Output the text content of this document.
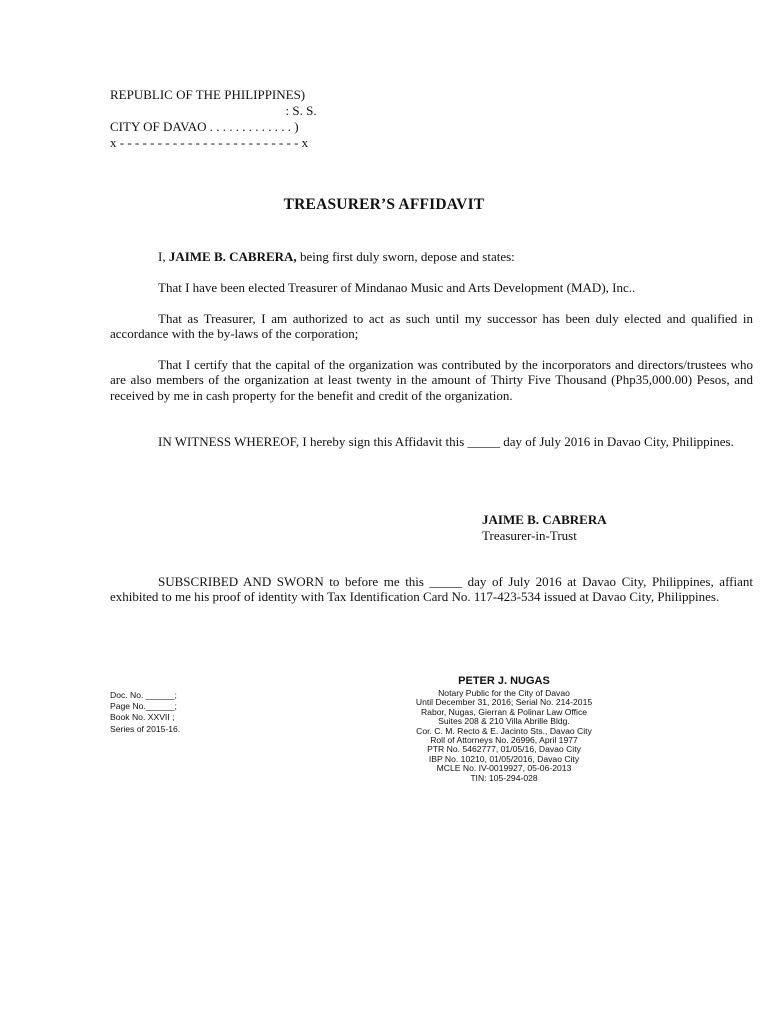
REPUBLIC OF THE PHILIPPINES)
: S. S.
CITY OF DAVAO . . . . . . . . . . . . . )
x - - - - - - - - - - - - - - - - - - - - - - - - x
TREASURER’S AFFIDAVIT
I, JAIME B. CABRERA, being first duly sworn, depose and states:
That I have been elected Treasurer of Mindanao Music and Arts Development (MAD), Inc..
That as Treasurer, I am authorized to act as such until my successor has been duly elected and qualified in accordance with the by-laws of the corporation;
That I certify that the capital of the organization was contributed by the incorporators and directors/trustees who are also members of the organization at least twenty in the amount of Thirty Five Thousand (Php35,000.00) Pesos, and received by me in cash property for the benefit and credit of the organization.
IN WITNESS WHEREOF, I hereby sign this Affidavit this _____ day of July 2016 in Davao City, Philippines.
JAIME B. CABRERA
Treasurer-in-Trust
SUBSCRIBED AND SWORN to before me this _____ day of July 2016 at Davao City, Philippines, affiant exhibited to me his proof of identity with Tax Identification Card No. 117-423-534 issued at Davao City, Philippines.
Doc. No. ______;
Page No.______;
Book No. XXVII ;
Series of 2015-16.
PETER J. NUGAS
Notary Public for the City of Davao
Until December 31, 2016; Serial No. 214-2015
Rabor, Nugas, Gierran & Polinar Law Office
Suites 208 & 210 Villa Abrille Bldg.
Cor. C. M. Recto & E. Jacinto Sts., Davao City
Roll of Attorneys No. 26996, April 1977
PTR No. 5462777, 01/05/16, Davao City
IBP No. 10210, 01/05/2016, Davao City
MCLE No. IV-0019927, 05-06-2013
TIN: 105-294-028
